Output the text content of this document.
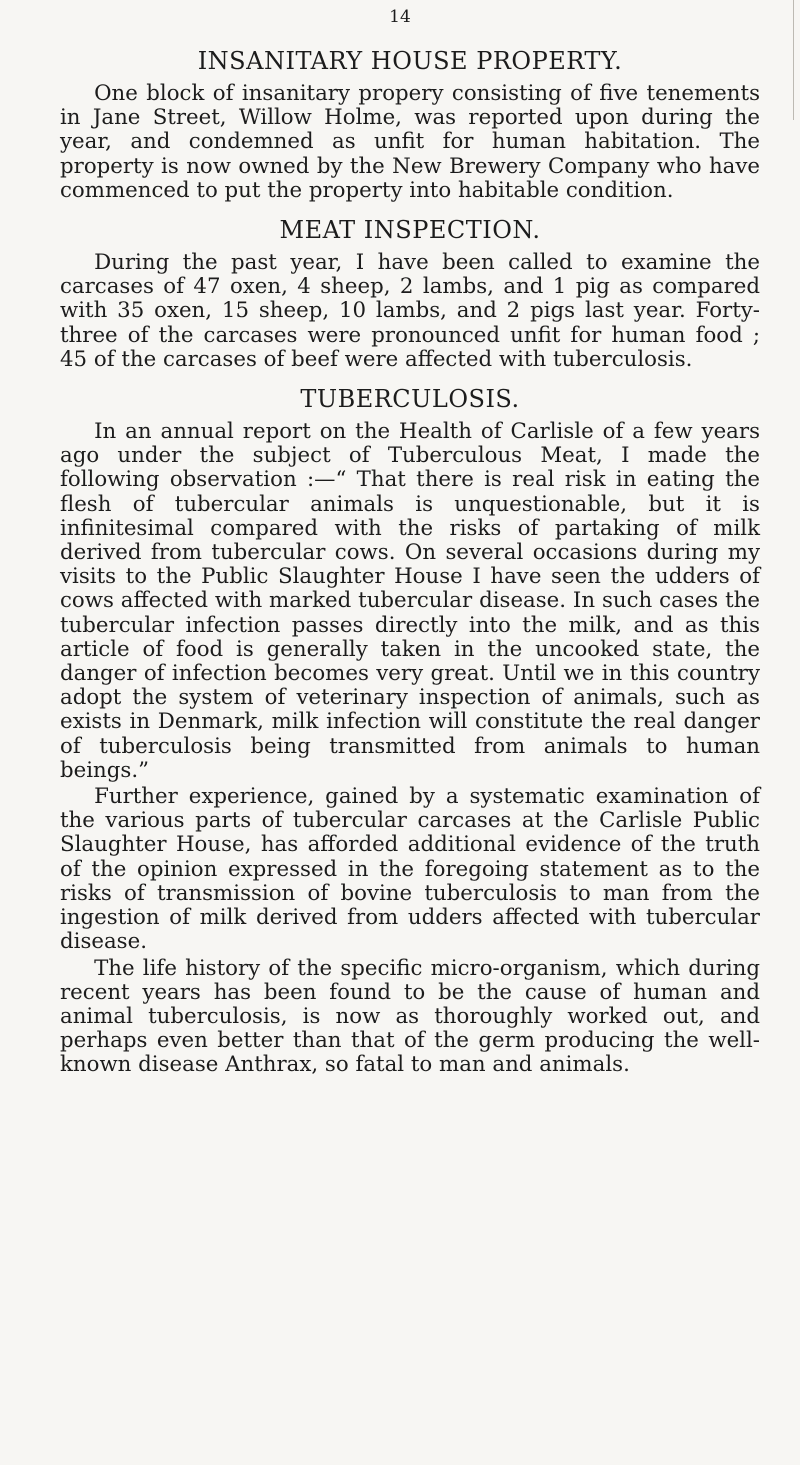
14
INSANITARY HOUSE PROPERTY.

One block of insanitary propery consisting of five tenements in Jane Street, Willow Holme, was reported upon during the year, and condemned as unfit for human habitation. The property is now owned by the New Brewery Company who have commenced to put the property into habitable condition.

MEAT INSPECTION.

During the past year, I have been called to examine the carcases of 47 oxen, 4 sheep, 2 lambs, and 1 pig as compared with 35 oxen, 15 sheep, 10 lambs, and 2 pigs last year. Forty-three of the carcases were pronounced unfit for human food ; 45 of the carcases of beef were affected with tuberculosis.

TUBERCULOSIS.

In an annual report on the Health of Carlisle of a few years ago under the subject of Tuberculous Meat, I made the following observation :—“ That there is real risk in eating the flesh of tubercular animals is unquestionable, but it is infinitesimal compared with the risks of partaking of milk derived from tubercular cows. On several occasions during my visits to the Public Slaughter House I have seen the udders of cows affected with marked tubercular disease. In such cases the tubercular infection passes directly into the milk, and as this article of food is generally taken in the uncooked state, the danger of infection becomes very great. Until we in this country adopt the system of veterinary inspection of animals, such as exists in Denmark, milk infection will constitute the real danger of tuberculosis being transmitted from animals to human beings.”

Further experience, gained by a systematic examination of the various parts of tubercular carcases at the Carlisle Public Slaughter House, has afforded additional evidence of the truth of the opinion expressed in the foregoing statement as to the risks of transmission of bovine tuberculosis to man from the ingestion of milk derived from udders affected with tubercular disease.

The life history of the specific micro-organism, which during recent years has been found to be the cause of human and animal tuberculosis, is now as thoroughly worked out, and perhaps even better than that of the germ producing the well-known disease Anthrax, so fatal to man and animals.
